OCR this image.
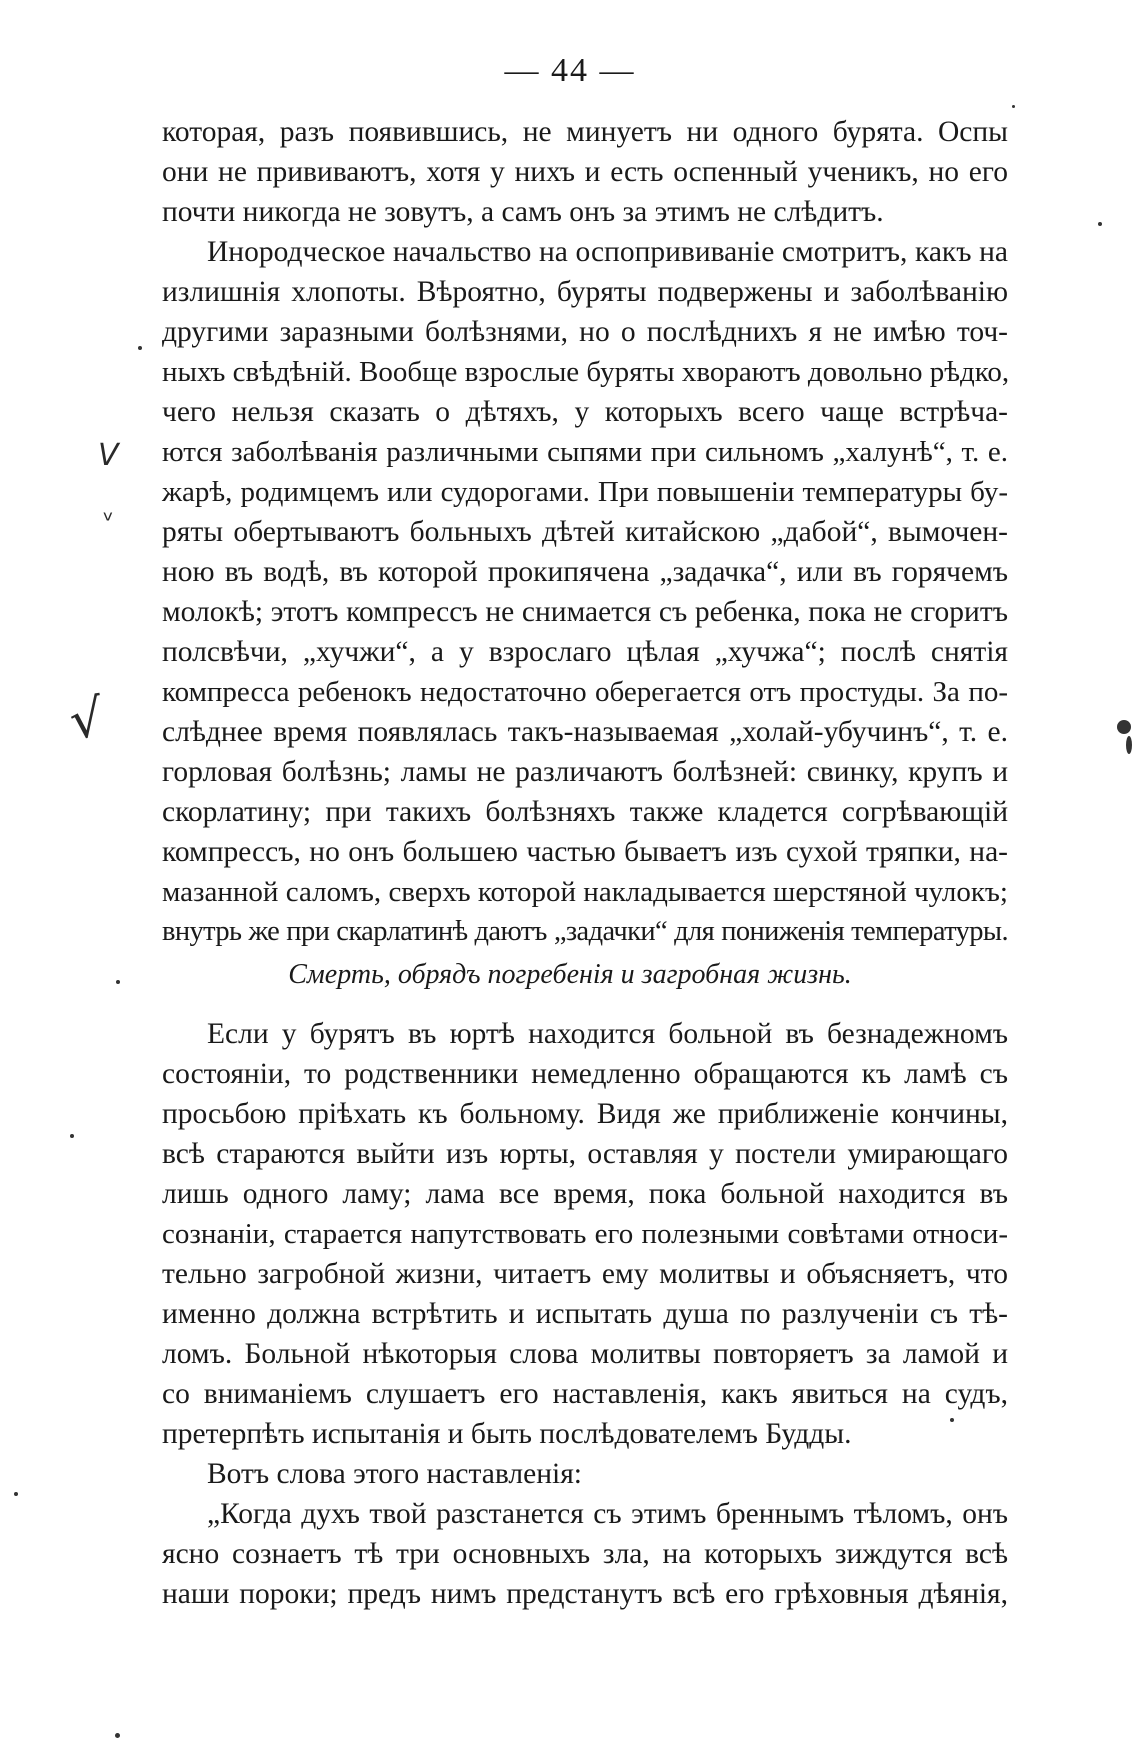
— 44 —
которая, разъ появившись, не минуетъ ни одного бурята. Оспы
они не прививаютъ, хотя у нихъ и есть оспенный ученикъ, но его
почти никогда не зовутъ, а самъ онъ за этимъ не слѣдитъ.
Инородческое начальство на оспопрививаніе смотритъ, какъ на
излишнія хлопоты. Вѣроятно, буряты подвержены и заболѣванію
другими заразными болѣзнями, но о послѣднихъ я не имѣю точ-
ныхъ свѣдѣній. Вообще взрослые буряты хвораютъ довольно рѣдко,
чего нельзя сказать о дѣтяхъ, у которыхъ всего чаще встрѣча-
ются заболѣванія различными сыпями при сильномъ „халунѣ“, т. е.
жарѣ, родимцемъ или судорогами. При повышеніи температуры бу-
ряты обертываютъ больныхъ дѣтей китайскою „дабой“, вымочен-
ною въ водѣ, въ которой прокипячена „задачка“, или въ горячемъ
молокѣ; этотъ компрессъ не снимается съ ребенка, пока не сгоритъ
полсвѣчи, „хучжи“, а у взрослаго цѣлая „хучжа“; послѣ снятія
компресса ребенокъ недостаточно оберегается отъ простуды. За по-
слѣднее время появлялась такъ-называемая „холай-убучинъ“, т. е.
горловая болѣзнь; ламы не различаютъ болѣзней: свинку, крупъ и
скорлатину; при такихъ болѣзняхъ также кладется согрѣвающій
компрессъ, но онъ большею частью бываетъ изъ сухой тряпки, на-
мазанной саломъ, сверхъ которой накладывается шерстяной чулокъ;
внутрь же при скарлатинѣ даютъ „задачки“ для пониженія температуры.
Смерть, обрядъ погребенія и загробная жизнь.
Если у бурятъ въ юртѣ находится больной въ безнадежномъ
состояніи, то родственники немедленно обращаются къ ламѣ съ
просьбою пріѣхать къ больному. Видя же приближеніе кончины,
всѣ стараются выйти изъ юрты, оставляя у постели умирающаго
лишь одного ламу; лама все время, пока больной находится въ
сознаніи, старается напутствовать его полезными совѣтами относи-
тельно загробной жизни, читаетъ ему молитвы и объясняетъ, что
именно должна встрѣтить и испытать душа по разлученіи съ тѣ-
ломъ. Больной нѣкоторыя слова молитвы повторяетъ за ламой и
со вниманіемъ слушаетъ его наставленія, какъ явиться на судъ,
претерпѣть испытанія и быть послѣдователемъ Будды.
Вотъ слова этого наставленія:
„Когда духъ твой разстанется съ этимъ бреннымъ тѣломъ, онъ
ясно сознаетъ тѣ три основныхъ зла, на которыхъ зиждутся всѣ
наши пороки; предъ нимъ предстанутъ всѣ его грѣховныя дѣянія,
V
ᵛ
√
